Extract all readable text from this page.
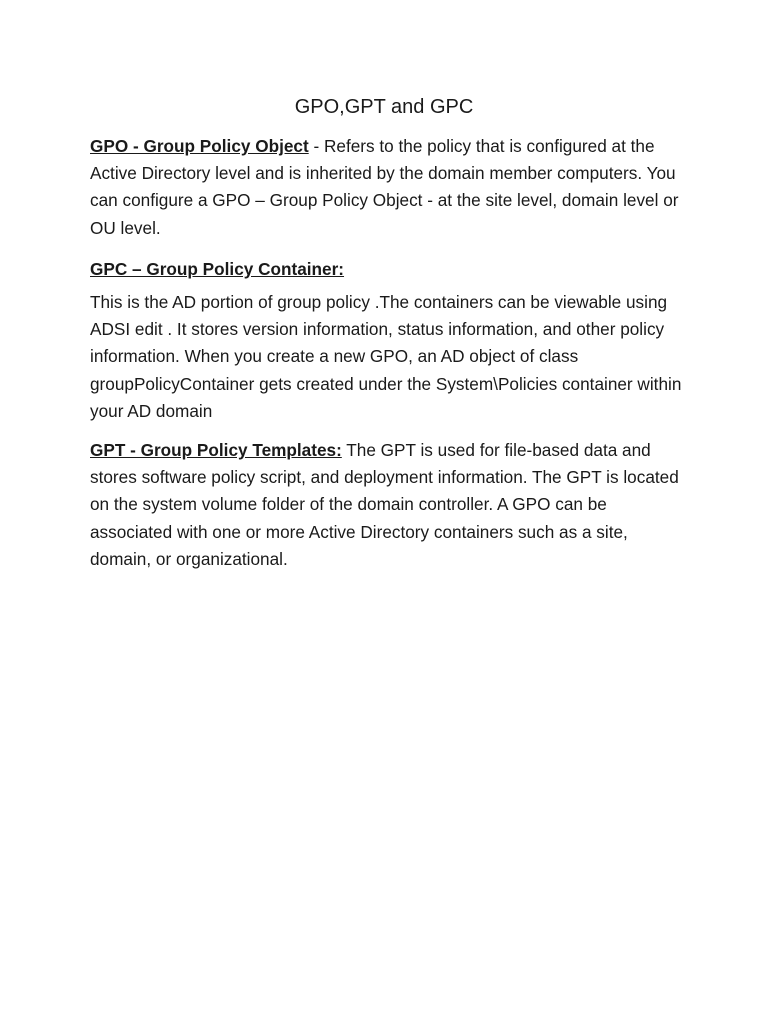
GPO,GPT and GPC

GPO - Group Policy Object - Refers to the policy that is configured at the Active Directory level and is inherited by the domain member computers. You can configure a GPO – Group Policy Object - at the site level, domain level or OU level.

GPC – Group Policy Container:

This is the AD portion of group policy .The containers can be viewable using ADSI edit . It stores version information, status information, and other policy information. When you create a new GPO, an AD object of class groupPolicyContainer gets created under the System\Policies container within your AD domain

GPT - Group Policy Templates: The GPT is used for file-based data and stores software policy script, and deployment information. The GPT is located on the system volume folder of the domain controller. A GPO can be associated with one or more Active Directory containers such as a site, domain, or organizational.
